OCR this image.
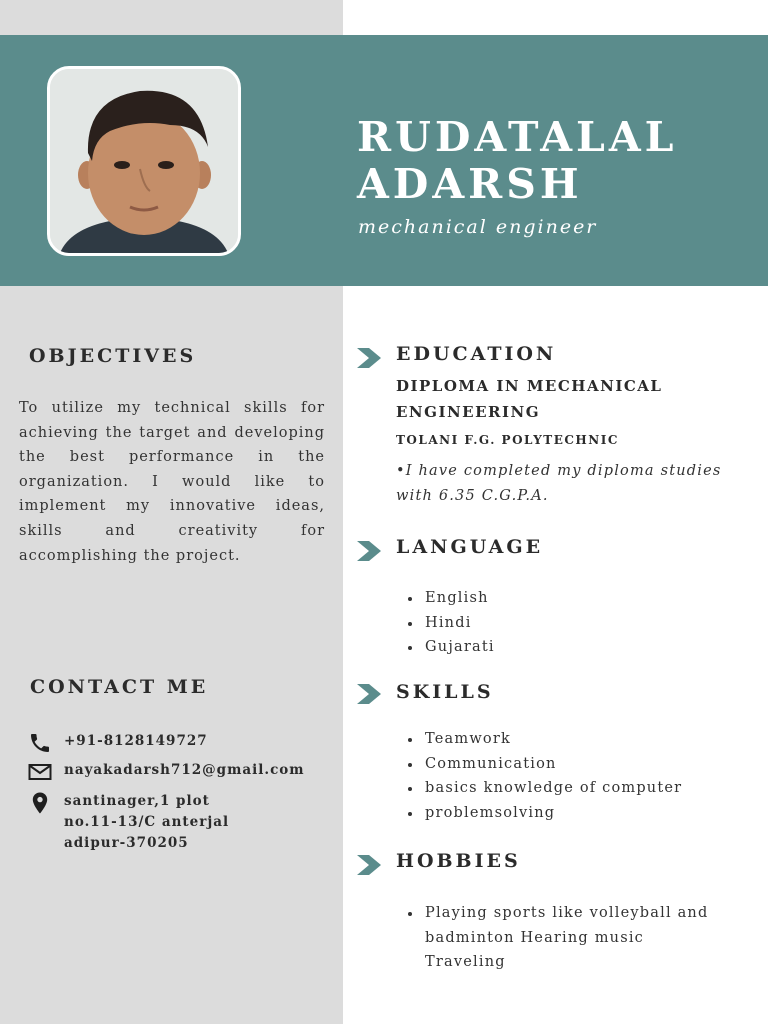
RUDATALAL
ADARSH

mechanical engineer

OBJECTIVES

To utilize my technical skills for achieving the target and developing the best performance in the organization. I would like to implement my innovative ideas, skills and creativity for accomplishing the project.

CONTACT ME
+91-8128149727
nayakadarsh712@gmail.com
santinager,1 plot
no.11-13/C anterjal
adipur-370205
EDUCATION

DIPLOMA IN MECHANICAL ENGINEERING

TOLANI F.G. POLYTECHNIC

•I have completed my diploma studies with 6.35 C.G.P.A.

LANGUAGE
English
Hindi
Gujarati
SKILLS
Teamwork
Communication
basics knowledge of computer
problemsolving
HOBBIES
Playing sports like volleyball and badminton Hearing music Traveling
